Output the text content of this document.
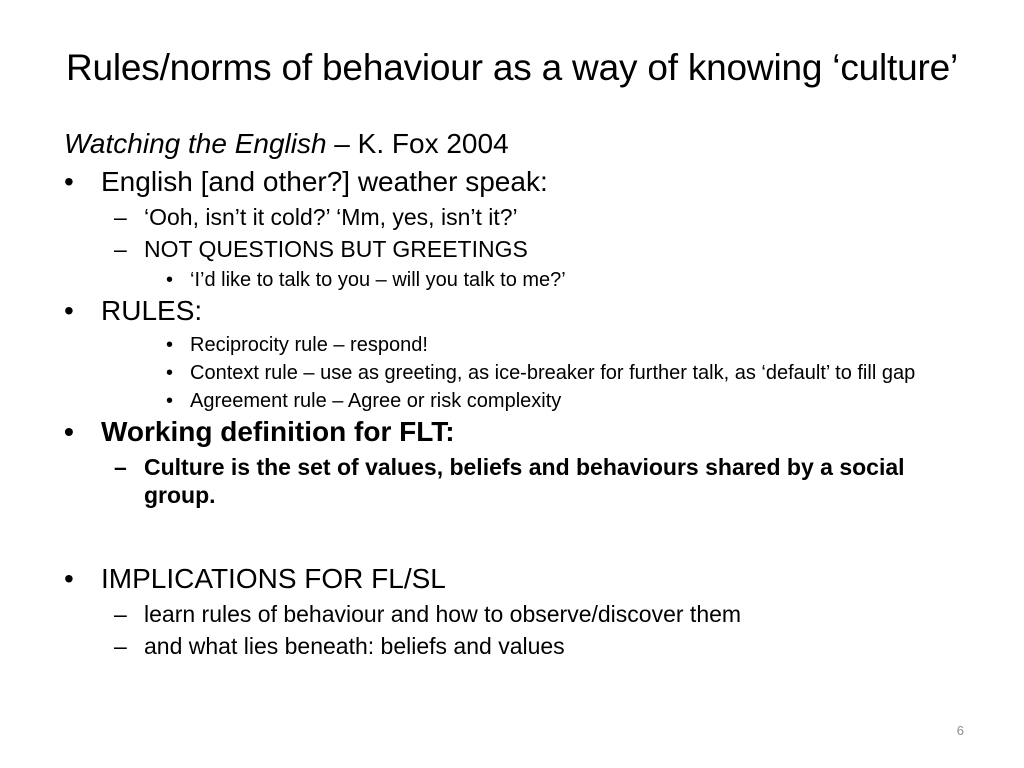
Rules/norms of behaviour as a way of knowing ‘culture’
Watching the English – K. Fox 2004
• English [and other?] weather speak:
– ‘Ooh, isn’t it cold?’ ‘Mm, yes, isn’t it?’
– NOT QUESTIONS BUT GREETINGS
• ‘I’d like to talk to you – will you talk to me?’
• RULES:
• Reciprocity rule – respond!
• Context rule – use as greeting, as ice-breaker for further talk, as ‘default’ to fill gap
• Agreement rule – Agree or risk complexity
• Working definition for FLT:
– Culture is the set of values, beliefs and behaviours shared by a social group.
• IMPLICATIONS FOR FL/SL
– learn rules of behaviour and how to observe/discover them
– and what lies beneath: beliefs and values
6
